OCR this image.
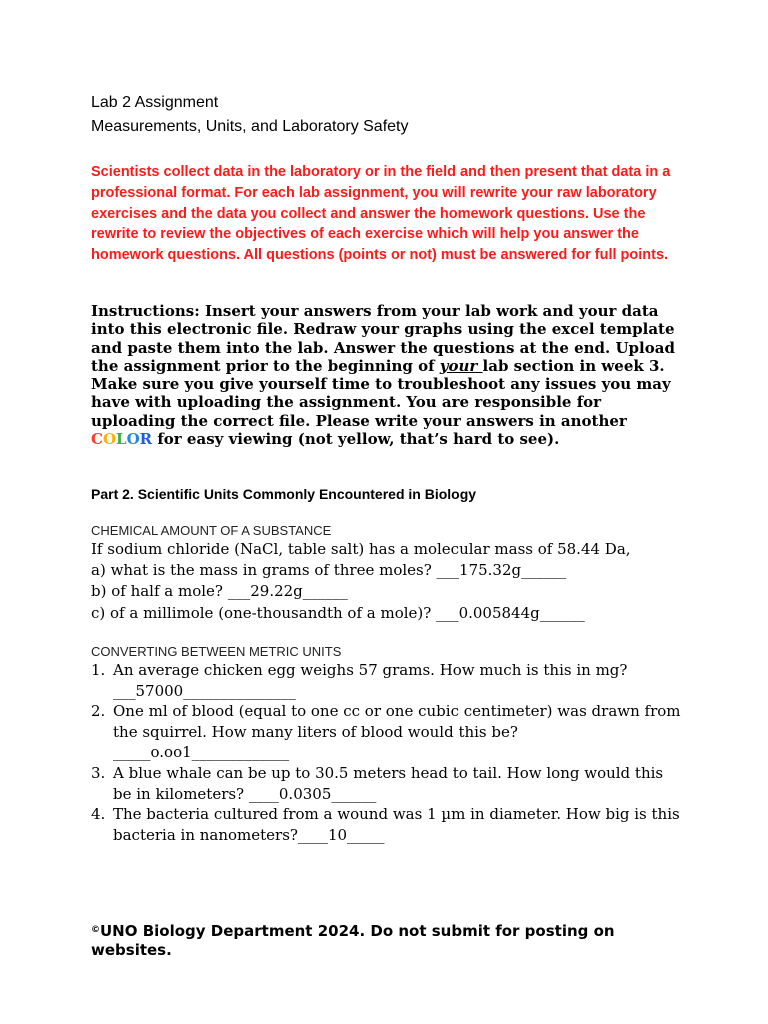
Lab 2 Assignment
Measurements, Units, and Laboratory Safety

Scientists collect data in the laboratory or in the field and then present that data in a professional format. For each lab assignment, you will rewrite your raw laboratory exercises and the data you collect and answer the homework questions. Use the rewrite to review the objectives of each exercise which will help you answer the homework questions. All questions (points or not) must be answered for full points.

Instructions: Insert your answers from your lab work and your data into this electronic file. Redraw your graphs using the excel template and paste them into the lab. Answer the questions at the end. Upload the assignment prior to the beginning of your lab section in week 3. Make sure you give yourself time to troubleshoot any issues you may have with uploading the assignment. You are responsible for uploading the correct file. Please write your answers in another COLOR for easy viewing (not yellow, that’s hard to see).

Part 2. Scientific Units Commonly Encountered in Biology
CHEMICAL AMOUNT OF A SUBSTANCE
If sodium chloride (NaCl, table salt) has a molecular mass of 58.44 Da,
a) what is the mass in grams of three moles? ___175.32g______
b) of half a mole? ___29.22g______
c) of a millimole (one-thousandth of a mole)? ___0.005844g______
CONVERTING BETWEEN METRIC UNITS
1. An average chicken egg weighs 57 grams. How much is this in mg?
___57000_______________
2. One ml of blood (equal to one cc or one cubic centimeter) was drawn from the squirrel. How many liters of blood would this be?
_____o.oo1_____________
3. A blue whale can be up to 30.5 meters head to tail. How long would this be in kilometers? ____0.0305______
4. The bacteria cultured from a wound was 1 µm in diameter. How big is this bacteria in nanometers?____10_____

©UNO Biology Department 2024. Do not submit for posting on websites.
